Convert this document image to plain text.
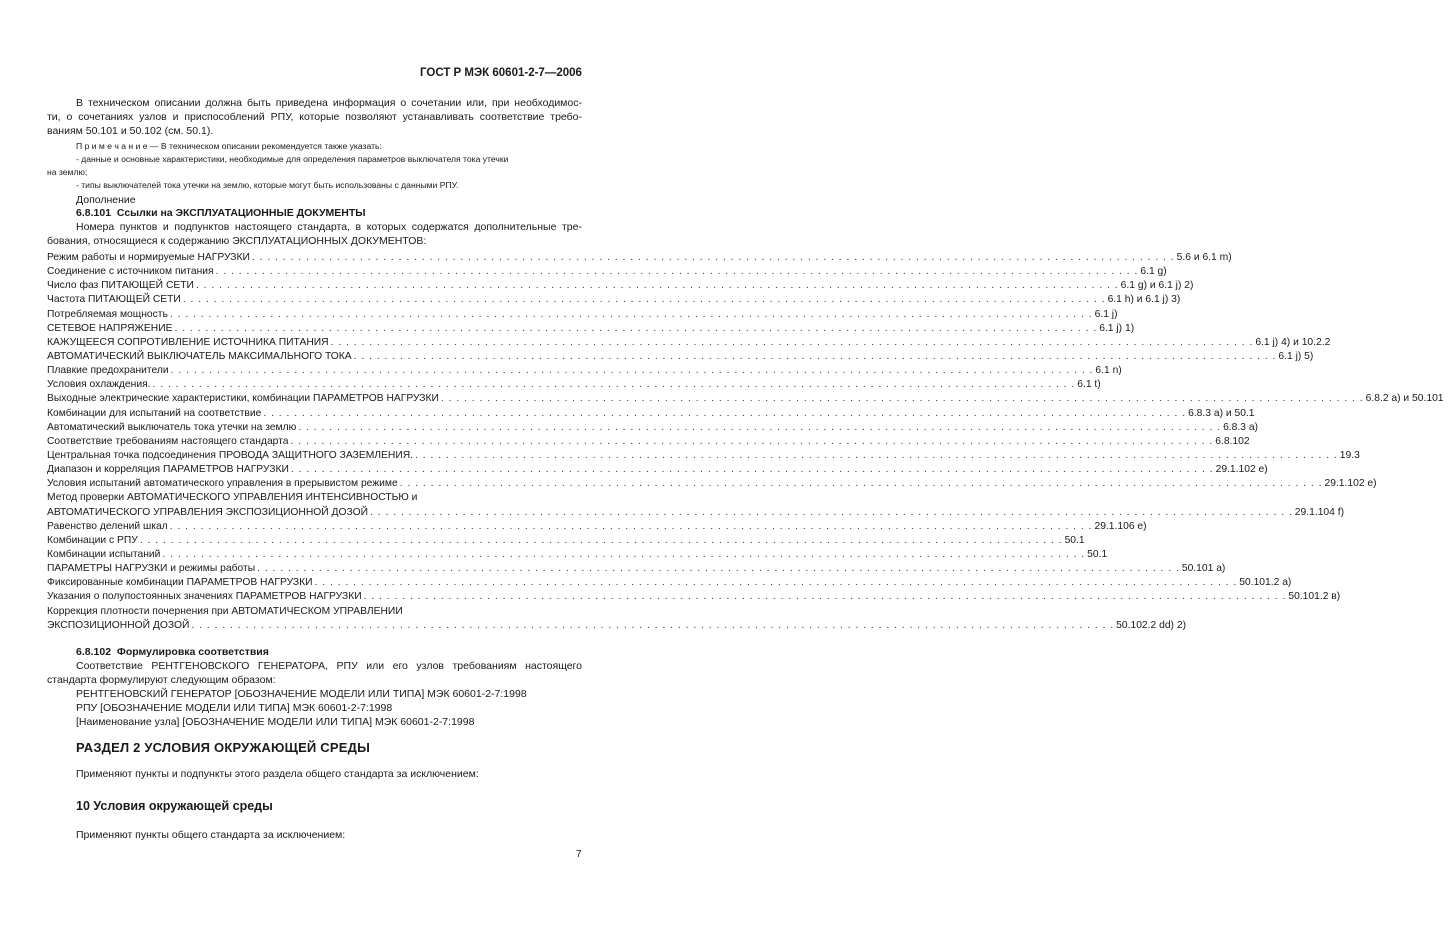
ГОСТ Р МЭК 60601-2-7—2006
В техническом описании должна быть приведена информация о сочетании или, при необходимос-
ти, о сочетаниях узлов и приспособлений РПУ, которые позволяют устанавливать соответствие требо-
ваниям 50.101 и 50.102 (см. 50.1).
П р и м е ч а н и е — В техническом описании рекомендуется также указать:
- данные и основные характеристики, необходимые для определения параметров выключателя тока утечки
на землю;
- типы выключателей тока утечки на землю, которые могут быть использованы с данными РПУ.
Дополнение
6.8.101 Ссылки на ЭКСПЛУАТАЦИОННЫЕ ДОКУМЕНТЫ
Номера пунктов и подпунктов настоящего стандарта, в которых содержатся дополнительные тре-
бования, относящиеся к содержанию ЭКСПЛУАТАЦИОННЫХ ДОКУМЕНТОВ:
Режим работы и нормируемые НАГРУЗКИ . . . . . . . . . . . . . . . . . . . . . . . . . . . . . . . . . . . . . . . . . . . . . . . . . . . . . . . . . . . . . . . . . . . . . . . . . . . . . . . . . . . . . . . . . . . . . . . . . . . . . . . . . . . . . . . . . . . . . . . . 5.6 и 6.1 m)
Соединение с источником питания . . . . . . . . . . . . . . . . . . . . . . . . . . . . . . . . . . . . . . . . . . . . . . . . . . . . . . . . . . . . . . . . . . . . . . . . . . . . . . . . . . . . . . . . . . . . . . . . . . . . . . . . . . . . . . . . . . . . . . . . 6.1 g)
Число фаз ПИТАЮЩЕЙ СЕТИ . . . . . . . . . . . . . . . . . . . . . . . . . . . . . . . . . . . . . . . . . . . . . . . . . . . . . . . . . . . . . . . . . . . . . . . . . . . . . . . . . . . . . . . . . . . . . . . . . . . . . . . . . . . . . . . . . . . . . . . . 6.1 g) и 6.1 j) 2)
Частота ПИТАЮЩЕЙ СЕТИ . . . . . . . . . . . . . . . . . . . . . . . . . . . . . . . . . . . . . . . . . . . . . . . . . . . . . . . . . . . . . . . . . . . . . . . . . . . . . . . . . . . . . . . . . . . . . . . . . . . . . . . . . . . . . . . . . . . . . . . . 6.1 h) и 6.1 j) 3)
Потребляемая мощность . . . . . . . . . . . . . . . . . . . . . . . . . . . . . . . . . . . . . . . . . . . . . . . . . . . . . . . . . . . . . . . . . . . . . . . . . . . . . . . . . . . . . . . . . . . . . . . . . . . . . . . . . . . . . . . . . . . . . . . . 6.1 j)
СЕТЕВОЕ НАПРЯЖЕНИЕ . . . . . . . . . . . . . . . . . . . . . . . . . . . . . . . . . . . . . . . . . . . . . . . . . . . . . . . . . . . . . . . . . . . . . . . . . . . . . . . . . . . . . . . . . . . . . . . . . . . . . . . . . . . . . . . . . . . . . . . . 6.1 j) 1)
КАЖУЩЕЕСЯ СОПРОТИВЛЕНИЕ ИСТОЧНИКА ПИТАНИЯ . . . . . . . . . . . . . . . . . . . . . . . . . . . . . . . . . . . . . . . . . . . . . . . . . . . . . . . . . . . . . . . . . . . . . . . . . . . . . . . . . . . . . . . . . . . . . . . . . . . . . . . . . . . . . . . . . . . . . . . . 6.1 j) 4) и 10.2.2
АВТОМАТИЧЕСКИЙ ВЫКЛЮЧАТЕЛЬ МАКСИМАЛЬНОГО ТОКА . . . . . . . . . . . . . . . . . . . . . . . . . . . . . . . . . . . . . . . . . . . . . . . . . . . . . . . . . . . . . . . . . . . . . . . . . . . . . . . . . . . . . . . . . . . . . . . . . . . . . . . . . . . . . . . . . . . . . . . . 6.1 j) 5)
Плавкие предохранители . . . . . . . . . . . . . . . . . . . . . . . . . . . . . . . . . . . . . . . . . . . . . . . . . . . . . . . . . . . . . . . . . . . . . . . . . . . . . . . . . . . . . . . . . . . . . . . . . . . . . . . . . . . . . . . . . . . . . . . . 6.1 n)
Условия охлаждения. . . . . . . . . . . . . . . . . . . . . . . . . . . . . . . . . . . . . . . . . . . . . . . . . . . . . . . . . . . . . . . . . . . . . . . . . . . . . . . . . . . . . . . . . . . . . . . . . . . . . . . . . . . . . . . . . . . . . . . . . 6.1 t)
Выходные электрические характеристики, комбинации ПАРАМЕТРОВ НАГРУЗКИ . . . . . . . . . . . . . . . . . . . . . . . . . . . . . . . . . . . . . . . . . . . . . . . . . . . . . . . . . . . . . . . . . . . . . . . . . . . . . . . . . . . . . . . . . . . . . . . . . . . . . . . . . . . . . . . . . . . . . . . . 6.8.2 a) и 50.101
Комбинации для испытаний на соответствие . . . . . . . . . . . . . . . . . . . . . . . . . . . . . . . . . . . . . . . . . . . . . . . . . . . . . . . . . . . . . . . . . . . . . . . . . . . . . . . . . . . . . . . . . . . . . . . . . . . . . . . . . . . . . . . . . . . . . . . . 6.8.3 a) и 50.1
Автоматический выключатель тока утечки на землю . . . . . . . . . . . . . . . . . . . . . . . . . . . . . . . . . . . . . . . . . . . . . . . . . . . . . . . . . . . . . . . . . . . . . . . . . . . . . . . . . . . . . . . . . . . . . . . . . . . . . . . . . . . . . . . . . . . . . . . . 6.8.3 a)
Соответствие требованиям настоящего стандарта . . . . . . . . . . . . . . . . . . . . . . . . . . . . . . . . . . . . . . . . . . . . . . . . . . . . . . . . . . . . . . . . . . . . . . . . . . . . . . . . . . . . . . . . . . . . . . . . . . . . . . . . . . . . . . . . . . . . . . . . 6.8.102
Центральная точка подсоединения ПРОВОДА ЗАЩИТНОГО ЗАЗЕМЛЕНИЯ. . . . . . . . . . . . . . . . . . . . . . . . . . . . . . . . . . . . . . . . . . . . . . . . . . . . . . . . . . . . . . . . . . . . . . . . . . . . . . . . . . . . . . . . . . . . . . . . . . . . . . . . . . . . . . . . . . . . . . . . . 19.3
Диапазон и корреляция ПАРАМЕТРОВ НАГРУЗКИ . . . . . . . . . . . . . . . . . . . . . . . . . . . . . . . . . . . . . . . . . . . . . . . . . . . . . . . . . . . . . . . . . . . . . . . . . . . . . . . . . . . . . . . . . . . . . . . . . . . . . . . . . . . . . . . . . . . . . . . . 29.1.102 e)
Условия испытаний автоматического управления в прерывистом режиме . . . . . . . . . . . . . . . . . . . . . . . . . . . . . . . . . . . . . . . . . . . . . . . . . . . . . . . . . . . . . . . . . . . . . . . . . . . . . . . . . . . . . . . . . . . . . . . . . . . . . . . . . . . . . . . . . . . . . . . . 29.1.102 e)
Метод проверки АВТОМАТИЧЕСКОГО УПРАВЛЕНИЯ ИНТЕНСИВНОСТЬЮ и
АВТОМАТИЧЕСКОГО УПРАВЛЕНИЯ ЭКСПОЗИЦИОННОЙ ДОЗОЙ . . . . . . . . . . . . . . . . . . . . . . . . . . . . . . . . . . . . . . . . . . . . . . . . . . . . . . . . . . . . . . . . . . . . . . . . . . . . . . . . . . . . . . . . . . . . . . . . . . . . . . . . . . . . . . . . . . . . . . . . 29.1.104 f)
Равенство делений шкал . . . . . . . . . . . . . . . . . . . . . . . . . . . . . . . . . . . . . . . . . . . . . . . . . . . . . . . . . . . . . . . . . . . . . . . . . . . . . . . . . . . . . . . . . . . . . . . . . . . . . . . . . . . . . . . . . . . . . . . . 29.1.106 e)
Комбинации с РПУ . . . . . . . . . . . . . . . . . . . . . . . . . . . . . . . . . . . . . . . . . . . . . . . . . . . . . . . . . . . . . . . . . . . . . . . . . . . . . . . . . . . . . . . . . . . . . . . . . . . . . . . . . . . . . . . . . . . . . . . . 50.1
Комбинации испытаний . . . . . . . . . . . . . . . . . . . . . . . . . . . . . . . . . . . . . . . . . . . . . . . . . . . . . . . . . . . . . . . . . . . . . . . . . . . . . . . . . . . . . . . . . . . . . . . . . . . . . . . . . . . . . . . . . . . . . . . . 50.1
ПАРАМЕТРЫ НАГРУЗКИ и режимы работы . . . . . . . . . . . . . . . . . . . . . . . . . . . . . . . . . . . . . . . . . . . . . . . . . . . . . . . . . . . . . . . . . . . . . . . . . . . . . . . . . . . . . . . . . . . . . . . . . . . . . . . . . . . . . . . . . . . . . . . . 50.101 a)
Фиксированные комбинации ПАРАМЕТРОВ НАГРУЗКИ . . . . . . . . . . . . . . . . . . . . . . . . . . . . . . . . . . . . . . . . . . . . . . . . . . . . . . . . . . . . . . . . . . . . . . . . . . . . . . . . . . . . . . . . . . . . . . . . . . . . . . . . . . . . . . . . . . . . . . . . 50.101.2 a)
Указания о полупостоянных значениях ПАРАМЕТРОВ НАГРУЗКИ . . . . . . . . . . . . . . . . . . . . . . . . . . . . . . . . . . . . . . . . . . . . . . . . . . . . . . . . . . . . . . . . . . . . . . . . . . . . . . . . . . . . . . . . . . . . . . . . . . . . . . . . . . . . . . . . . . . . . . . . 50.101.2 в)
Коррекция плотности почернения при АВТОМАТИЧЕСКОМ УПРАВЛЕНИИ
ЭКСПОЗИЦИОННОЙ ДОЗОЙ . . . . . . . . . . . . . . . . . . . . . . . . . . . . . . . . . . . . . . . . . . . . . . . . . . . . . . . . . . . . . . . . . . . . . . . . . . . . . . . . . . . . . . . . . . . . . . . . . . . . . . . . . . . . . . . . . . . . . . . . 50.102.2 dd) 2)
6.8.102 Формулировка соответствия
Соответствие РЕНТГЕНОВСКОГО ГЕНЕРАТОРА, РПУ или его узлов требованиям настоящего
стандарта формулируют следующим образом:
РЕНТГЕНОВСКИЙ ГЕНЕРАТОР [ОБОЗНАЧЕНИЕ МОДЕЛИ ИЛИ ТИПА] МЭК 60601-2-7:1998
РПУ [ОБОЗНАЧЕНИЕ МОДЕЛИ ИЛИ ТИПА] МЭК 60601-2-7:1998
[Наименование узла] [ОБОЗНАЧЕНИЕ МОДЕЛИ ИЛИ ТИПА] МЭК 60601-2-7:1998
РАЗДЕЛ 2 УСЛОВИЯ ОКРУЖАЮЩЕЙ СРЕДЫ
Применяют пункты и подпункты этого раздела общего стандарта за исключением:
10 Условия окружающей среды
Применяют пункты общего стандарта за исключением:
7
